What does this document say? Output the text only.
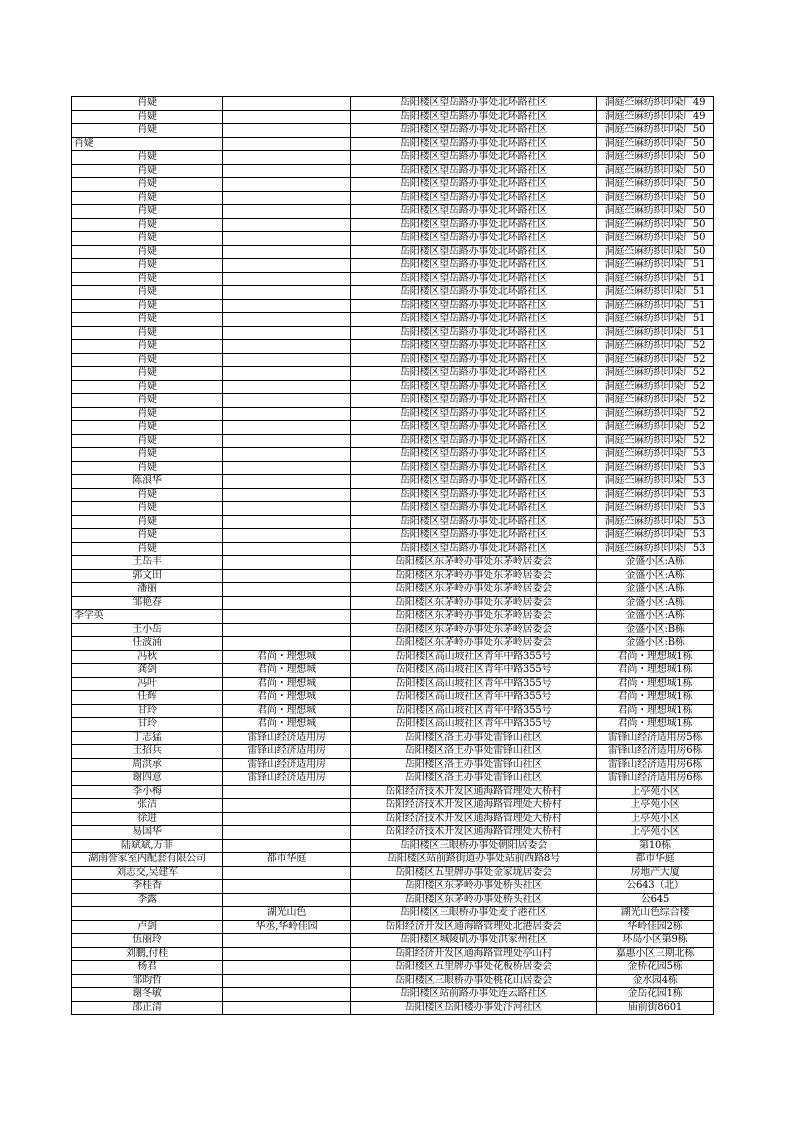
肖婕		岳阳楼区望岳路办事处北环路社区	洞庭苎麻纺织印染厂49
肖婕		岳阳楼区望岳路办事处北环路社区	洞庭苎麻纺织印染厂49
肖婕		岳阳楼区望岳路办事处北环路社区	洞庭苎麻纺织印染厂50
肖婕		岳阳楼区望岳路办事处北环路社区	洞庭苎麻纺织印染厂50
肖婕		岳阳楼区望岳路办事处北环路社区	洞庭苎麻纺织印染厂50
肖婕		岳阳楼区望岳路办事处北环路社区	洞庭苎麻纺织印染厂50
肖婕		岳阳楼区望岳路办事处北环路社区	洞庭苎麻纺织印染厂50
肖婕		岳阳楼区望岳路办事处北环路社区	洞庭苎麻纺织印染厂50
肖婕		岳阳楼区望岳路办事处北环路社区	洞庭苎麻纺织印染厂50
肖婕		岳阳楼区望岳路办事处北环路社区	洞庭苎麻纺织印染厂50
肖婕		岳阳楼区望岳路办事处北环路社区	洞庭苎麻纺织印染厂50
肖婕		岳阳楼区望岳路办事处北环路社区	洞庭苎麻纺织印染厂50
肖婕		岳阳楼区望岳路办事处北环路社区	洞庭苎麻纺织印染厂51
肖婕		岳阳楼区望岳路办事处北环路社区	洞庭苎麻纺织印染厂51
肖婕		岳阳楼区望岳路办事处北环路社区	洞庭苎麻纺织印染厂51
肖婕		岳阳楼区望岳路办事处北环路社区	洞庭苎麻纺织印染厂51
肖婕		岳阳楼区望岳路办事处北环路社区	洞庭苎麻纺织印染厂51
肖婕		岳阳楼区望岳路办事处北环路社区	洞庭苎麻纺织印染厂51
肖婕		岳阳楼区望岳路办事处北环路社区	洞庭苎麻纺织印染厂52
肖婕		岳阳楼区望岳路办事处北环路社区	洞庭苎麻纺织印染厂52
肖婕		岳阳楼区望岳路办事处北环路社区	洞庭苎麻纺织印染厂52
肖婕		岳阳楼区望岳路办事处北环路社区	洞庭苎麻纺织印染厂52
肖婕		岳阳楼区望岳路办事处北环路社区	洞庭苎麻纺织印染厂52
肖婕		岳阳楼区望岳路办事处北环路社区	洞庭苎麻纺织印染厂52
肖婕		岳阳楼区望岳路办事处北环路社区	洞庭苎麻纺织印染厂52
肖婕		岳阳楼区望岳路办事处北环路社区	洞庭苎麻纺织印染厂52
肖婕		岳阳楼区望岳路办事处北环路社区	洞庭苎麻纺织印染厂53
肖婕		岳阳楼区望岳路办事处北环路社区	洞庭苎麻纺织印染厂53
陈浪华		岳阳楼区望岳路办事处北环路社区	洞庭苎麻纺织印染厂53
肖婕		岳阳楼区望岳路办事处北环路社区	洞庭苎麻纺织印染厂53
肖婕		岳阳楼区望岳路办事处北环路社区	洞庭苎麻纺织印染厂53
肖婕		岳阳楼区望岳路办事处北环路社区	洞庭苎麻纺织印染厂53
肖婕		岳阳楼区望岳路办事处北环路社区	洞庭苎麻纺织印染厂53
肖婕		岳阳楼区望岳路办事处北环路社区	洞庭苎麻纺织印染厂53
王岳丰		岳阳楼区东茅岭办事处东茅岭居委会	金盛小区:A栋
郭文田		岳阳楼区东茅岭办事处东茅岭居委会	金盛小区:A栋
潘丽		岳阳楼区东茅岭办事处东茅岭居委会	金盛小区:A栋
邹艳春		岳阳楼区东茅岭办事处东茅岭居委会	金盛小区:A栋
李学英		岳阳楼区东茅岭办事处东茅岭居委会	金盛小区:A栋
王小岳		岳阳楼区东茅岭办事处东茅岭居委会	金盛小区:B栋
任波涌		岳阳楼区东茅岭办事处东茅岭居委会	金盛小区:B栋
冯秋	君尚・理想城	岳阳楼区高山坡社区青年中路355号	君尚・理想城1栋
龚剑	君尚・理想城	岳阳楼区高山坡社区青年中路355号	君尚・理想城1栋
冯叶	君尚・理想城	岳阳楼区高山坡社区青年中路355号	君尚・理想城1栋
任辉	君尚・理想城	岳阳楼区高山坡社区青年中路355号	君尚・理想城1栋
甘玲	君尚・理想城	岳阳楼区高山坡社区青年中路355号	君尚・理想城1栋
甘玲	君尚・理想城	岳阳楼区高山坡社区青年中路355号	君尚・理想城1栋
丁志猛	雷锋山经济适用房	岳阳楼区洛王办事处雷锋山社区	雷锋山经济适用房5栋
王招兵	雷锋山经济适用房	岳阳楼区洛王办事处雷锋山社区	雷锋山经济适用房6栋
周洪承	雷锋山经济适用房	岳阳楼区洛王办事处雷锋山社区	雷锋山经济适用房6栋
谢四意	雷锋山经济适用房	岳阳楼区洛王办事处雷锋山社区	雷锋山经济适用房6栋
李小梅		岳阳经济技术开发区通海路管理处大桥村	上亭苑小区
张洁		岳阳经济技术开发区通海路管理处大桥村	上亭苑小区
徐进		岳阳经济技术开发区通海路管理处大桥村	上亭苑小区
易国华		岳阳经济技术开发区通海路管理处大桥村	上亭苑小区
陆斌斌,万菲		岳阳楼区三眼桥办事处朝阳居委会	第10栋
湖南誉家室内配套有限公司	都市华庭	岳阳楼区站前路街道办事处站前西路8号	都市华庭
刘志交,吴建军		岳阳楼区五里牌办事处金家垅居委会	房地产大厦
李桂香		岳阳楼区东茅岭办事处桥头社区	公643（北）
李露		岳阳楼区东茅岭办事处桥头社区	公645
	湖光山色	岳阳楼区三眼桥办事处麦子港社区	湖光山色综合楼
卢剑	华丞,华岭佳园	岳阳经济开发区通海路管理处北港居委会	华岭佳园2栋
伍丽玲		岳阳楼区城陵矶办事处洪家州社区	环岛小区第9栋
刘鹏,付桂		岳阳经济开发区通海路管理处亭山村	嘉惠小区三期北栋
杨君		岳阳楼区五里牌办事处花板桥居委会	金桥花园5栋
邹昀哲		岳阳楼区三眼桥办事处桃花山居委会	金水园4栋
谢冬敏		岳阳楼区站前路办事处连云路社区	金岳花园1栋
邵正清		岳阳楼区岳阳楼办事处汴河社区	庙前街8601
